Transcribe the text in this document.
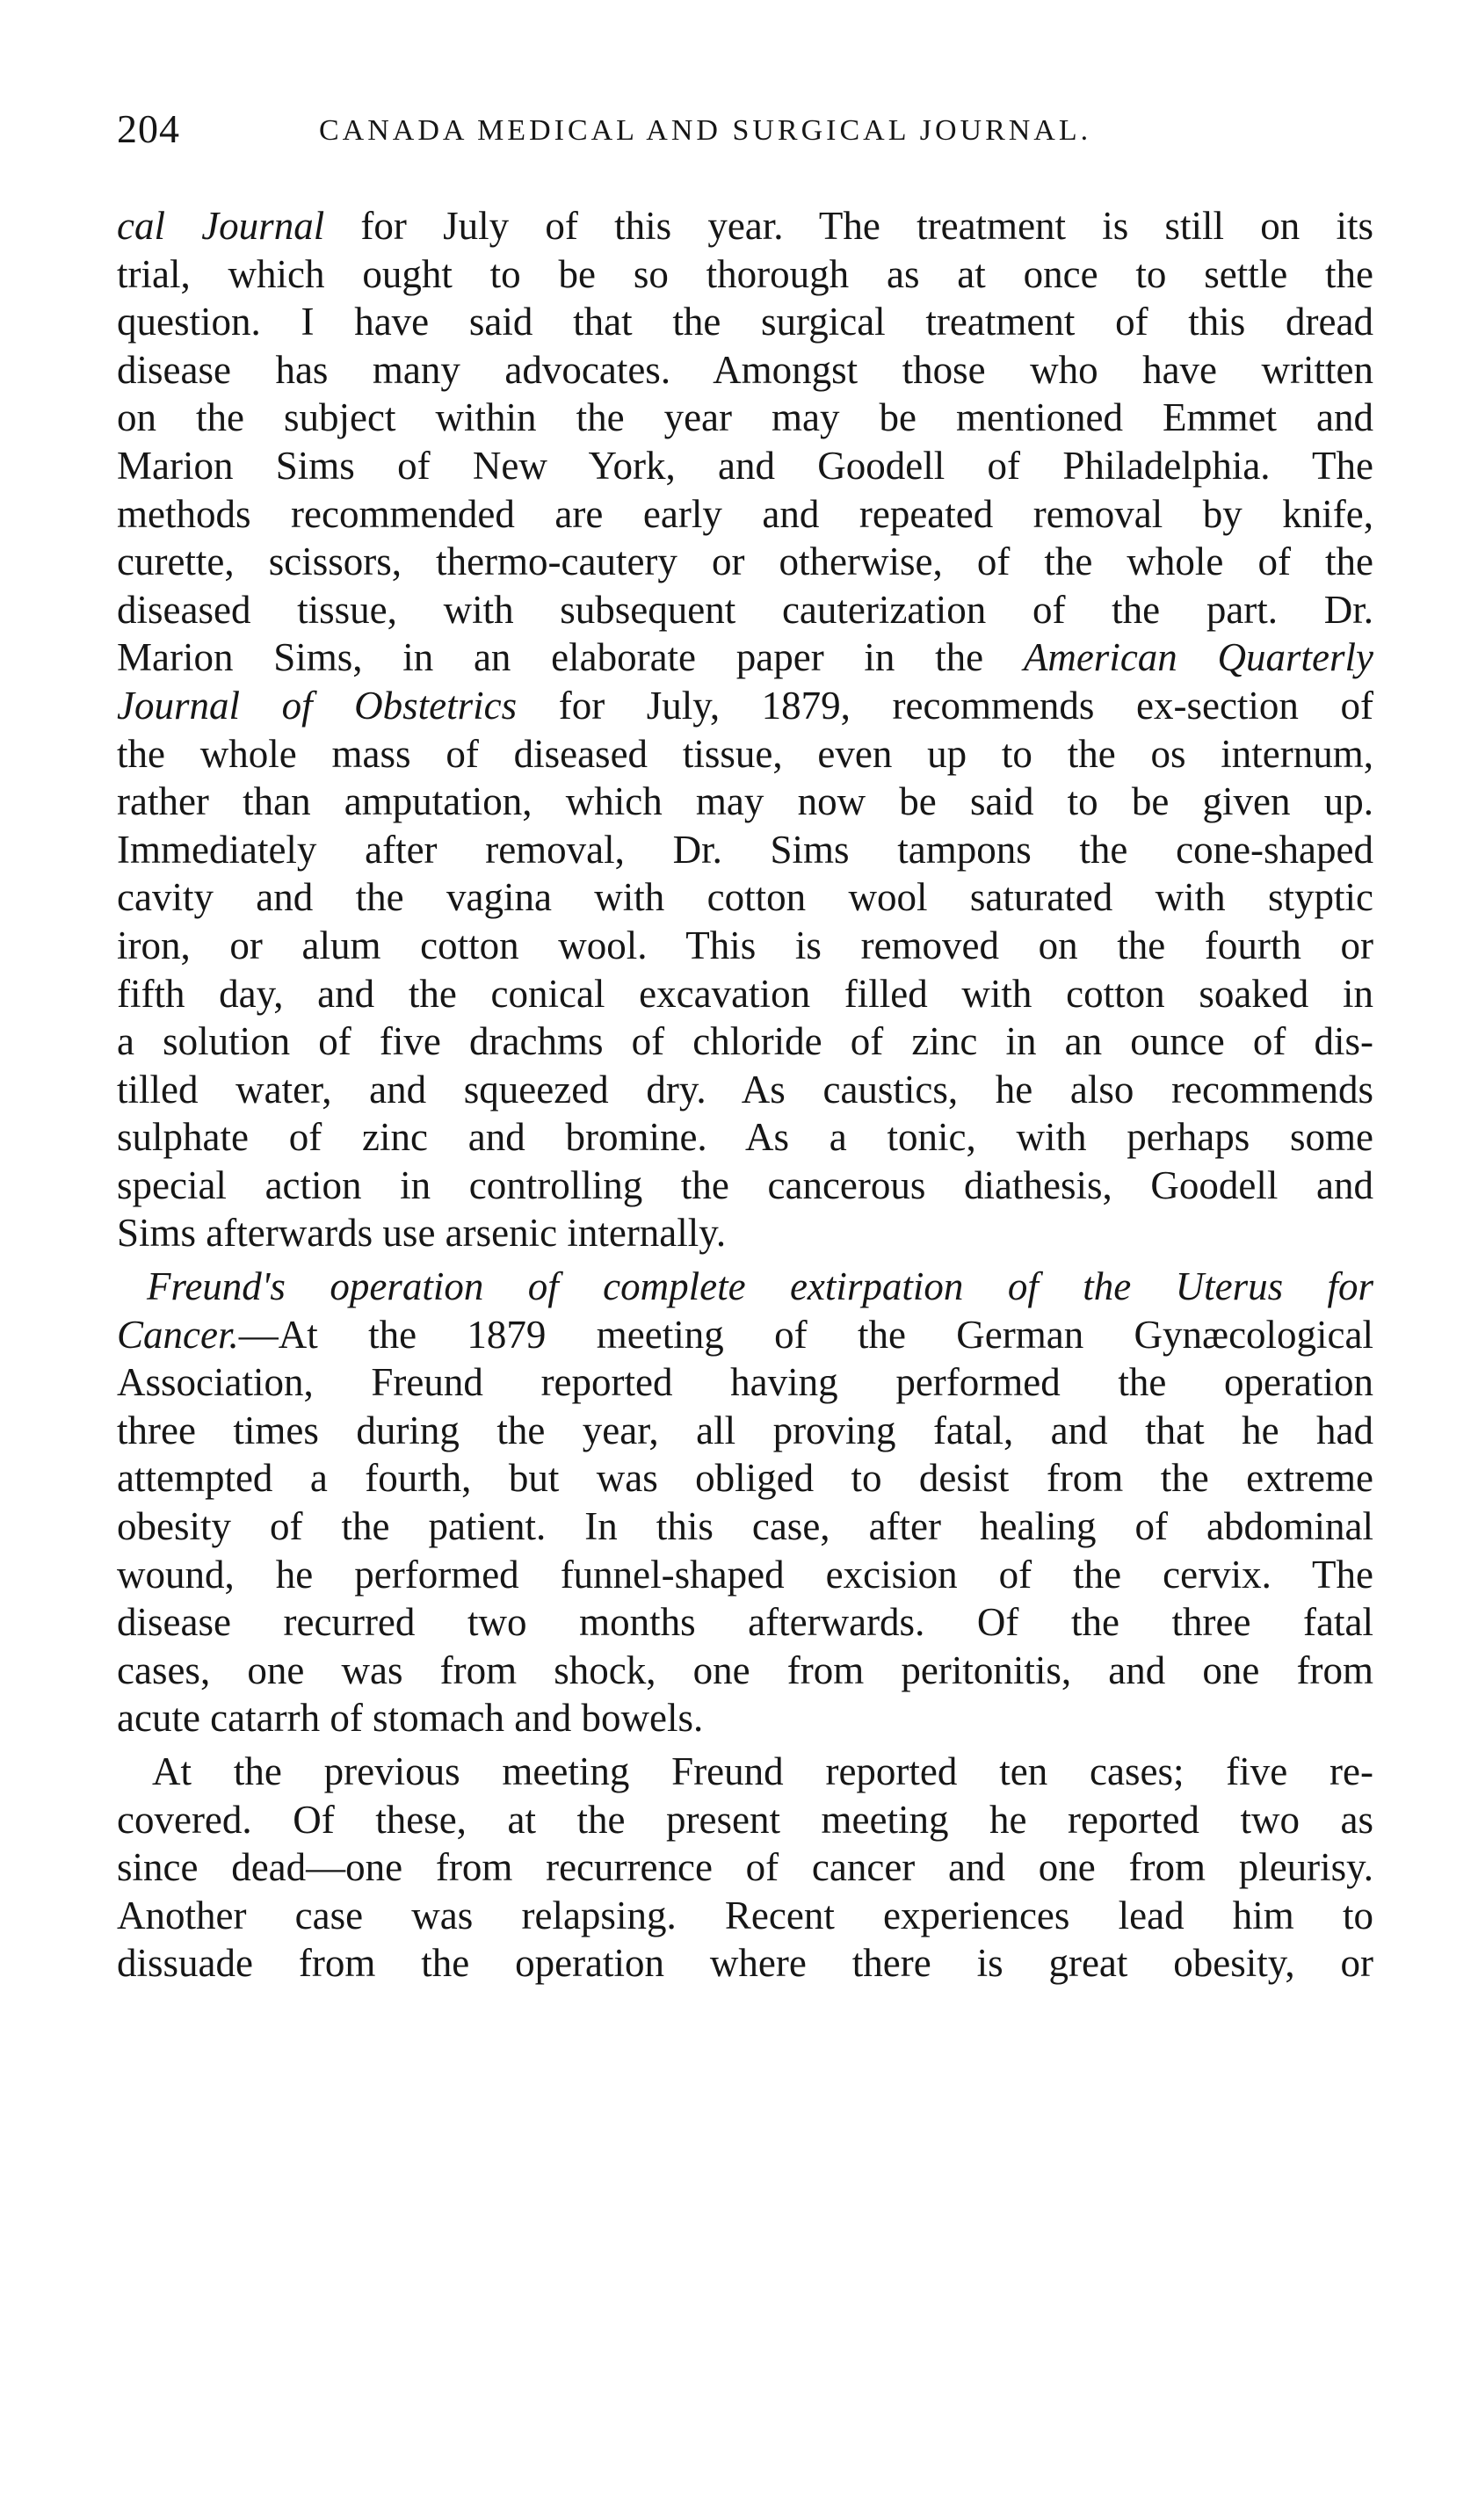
204	CANADA MEDICAL AND SURGICAL JOURNAL.
cal Journal for July of this year. The treatment is still on its
trial, which ought to be so thorough as at once to settle the
question. I have said that the surgical treatment of this dread
disease has many advocates. Amongst those who have written
on the subject within the year may be mentioned Emmet and
Marion Sims of New York, and Goodell of Philadelphia. The
methods recommended are early and repeated removal by knife,
curette, scissors, thermo-cautery or otherwise, of the whole of the
diseased tissue, with subsequent cauterization of the part. Dr.
Marion Sims, in an elaborate paper in the American Quarterly
Journal of Obstetrics for July, 1879, recommends ex-section of
the whole mass of diseased tissue, even up to the os internum,
rather than amputation, which may now be said to be given up.
Immediately after removal, Dr. Sims tampons the cone-shaped
cavity and the vagina with cotton wool saturated with styptic
iron, or alum cotton wool. This is removed on the fourth or
fifth day, and the conical excavation filled with cotton soaked in
a solution of five drachms of chloride of zinc in an ounce of dis-
tilled water, and squeezed dry. As caustics, he also recommends
sulphate of zinc and bromine. As a tonic, with perhaps some
special action in controlling the cancerous diathesis, Goodell and
Sims afterwards use arsenic internally.
Freund's operation of complete extirpation of the Uterus for
Cancer.—At the 1879 meeting of the German Gynæcological
Association, Freund reported having performed the operation
three times during the year, all proving fatal, and that he had
attempted a fourth, but was obliged to desist from the extreme
obesity of the patient. In this case, after healing of abdominal
wound, he performed funnel-shaped excision of the cervix. The
disease recurred two months afterwards. Of the three fatal
cases, one was from shock, one from peritonitis, and one from
acute catarrh of stomach and bowels.
At the previous meeting Freund reported ten cases; five re-
covered. Of these, at the present meeting he reported two as
since dead—one from recurrence of cancer and one from pleurisy.
Another case was relapsing. Recent experiences lead him to
dissuade from the operation where there is great obesity, or
